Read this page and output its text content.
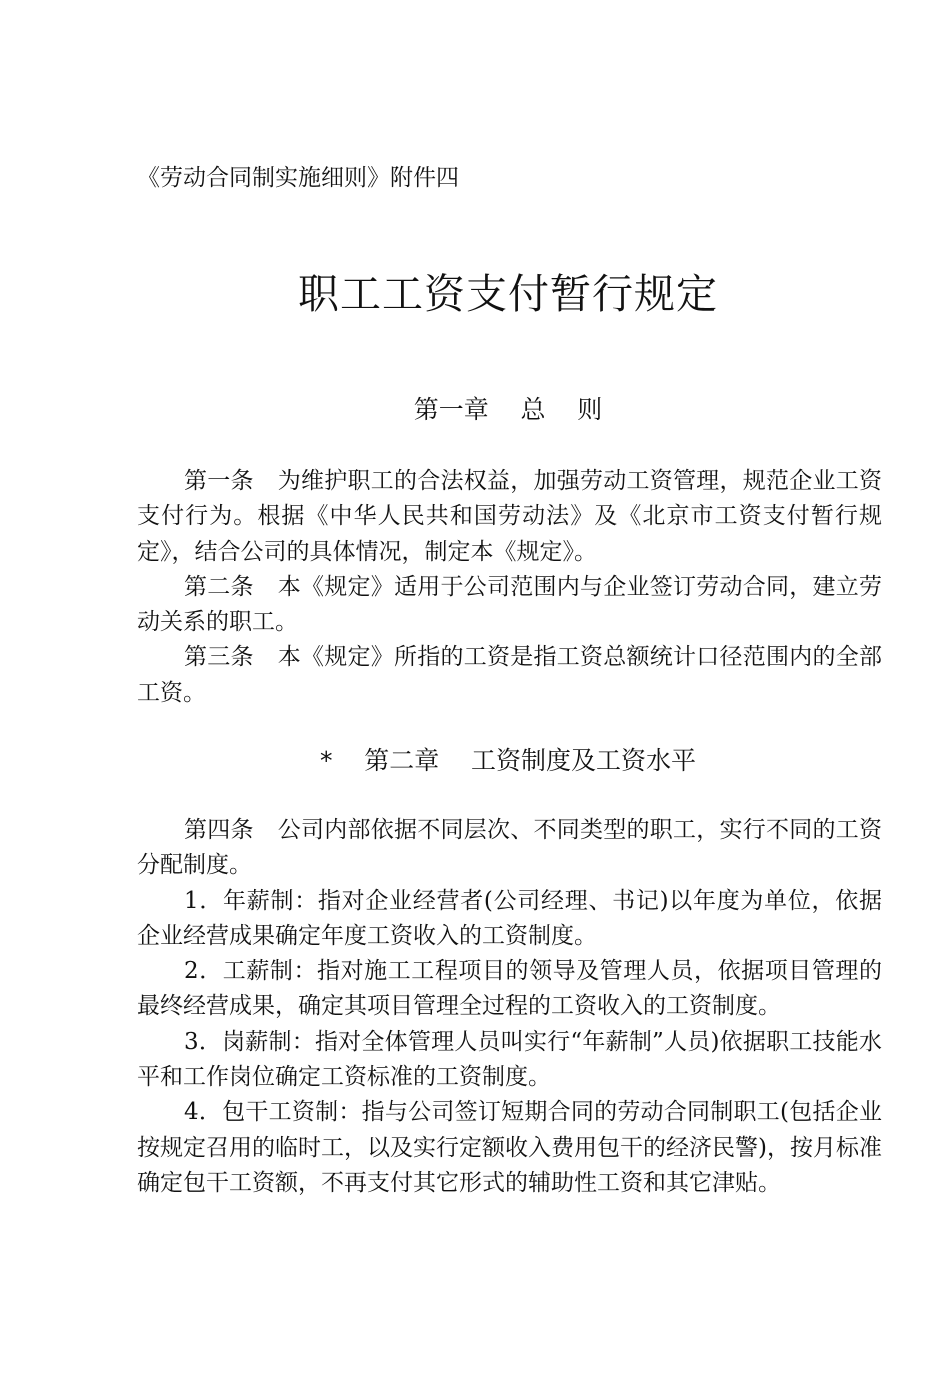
《劳动合同制实施细则》附件四
职工工资支付暂行规定
第一章    总    则

第一条 为维护职工的合法权益，加强劳动工资管理，规范企业工资支付行为。根据《中华人民共和国劳动法》及《北京市工资支付暂行规定》，结合公司的具体情况，制定本《规定》。

第二条 本《规定》适用于公司范围内与企业签订劳动合同，建立劳动关系的职工。

第三条 本《规定》所指的工资是指工资总额统计口径范围内的全部工资。

*    第二章    工资制度及工资水平

第四条 公司内部依据不同层次、不同类型的职工，实行不同的工资分配制度。

1．年薪制：指对企业经营者(公司经理、书记)以年度为单位，依据企业经营成果确定年度工资收入的工资制度。

2．工薪制：指对施工工程项目的领导及管理人员，依据项目管理的最终经营成果，确定其项目管理全过程的工资收入的工资制度。

3．岗薪制：指对全体管理人员叫实行“年薪制”人员)依据职工技能水平和工作岗位确定工资标准的工资制度。

4．包干工资制：指与公司签订短期合同的劳动合同制职工(包括企业按规定召用的临时工，以及实行定额收入费用包干的经济民警)，按月标准确定包干工资额，不再支付其它形式的辅助性工资和其它津贴。
